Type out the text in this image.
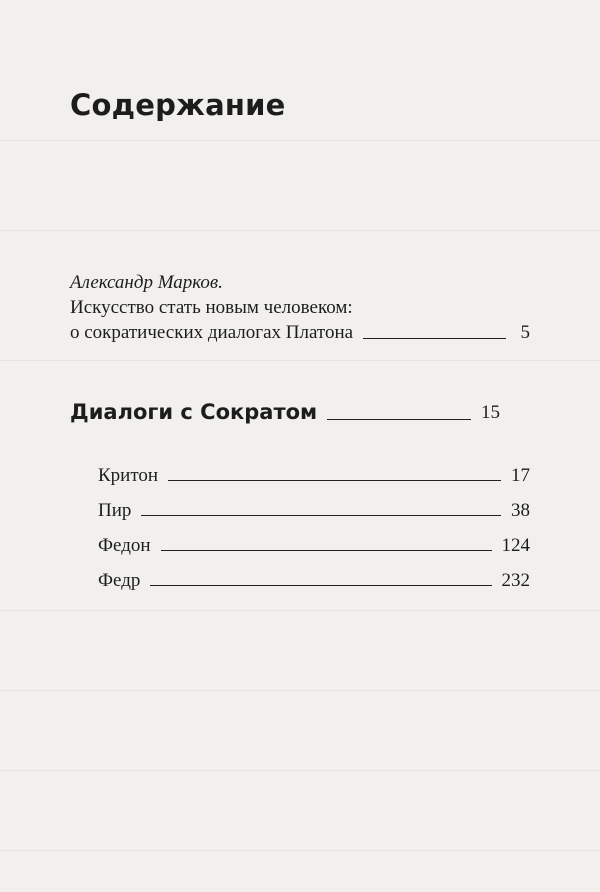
Содержание
Александр Марков.
Искусство стать новым человеком:
о сократических диалогах Платона	5
Диалоги с Сократом	15
Критон	17
Пир	38
Федон	124
Федр	232
